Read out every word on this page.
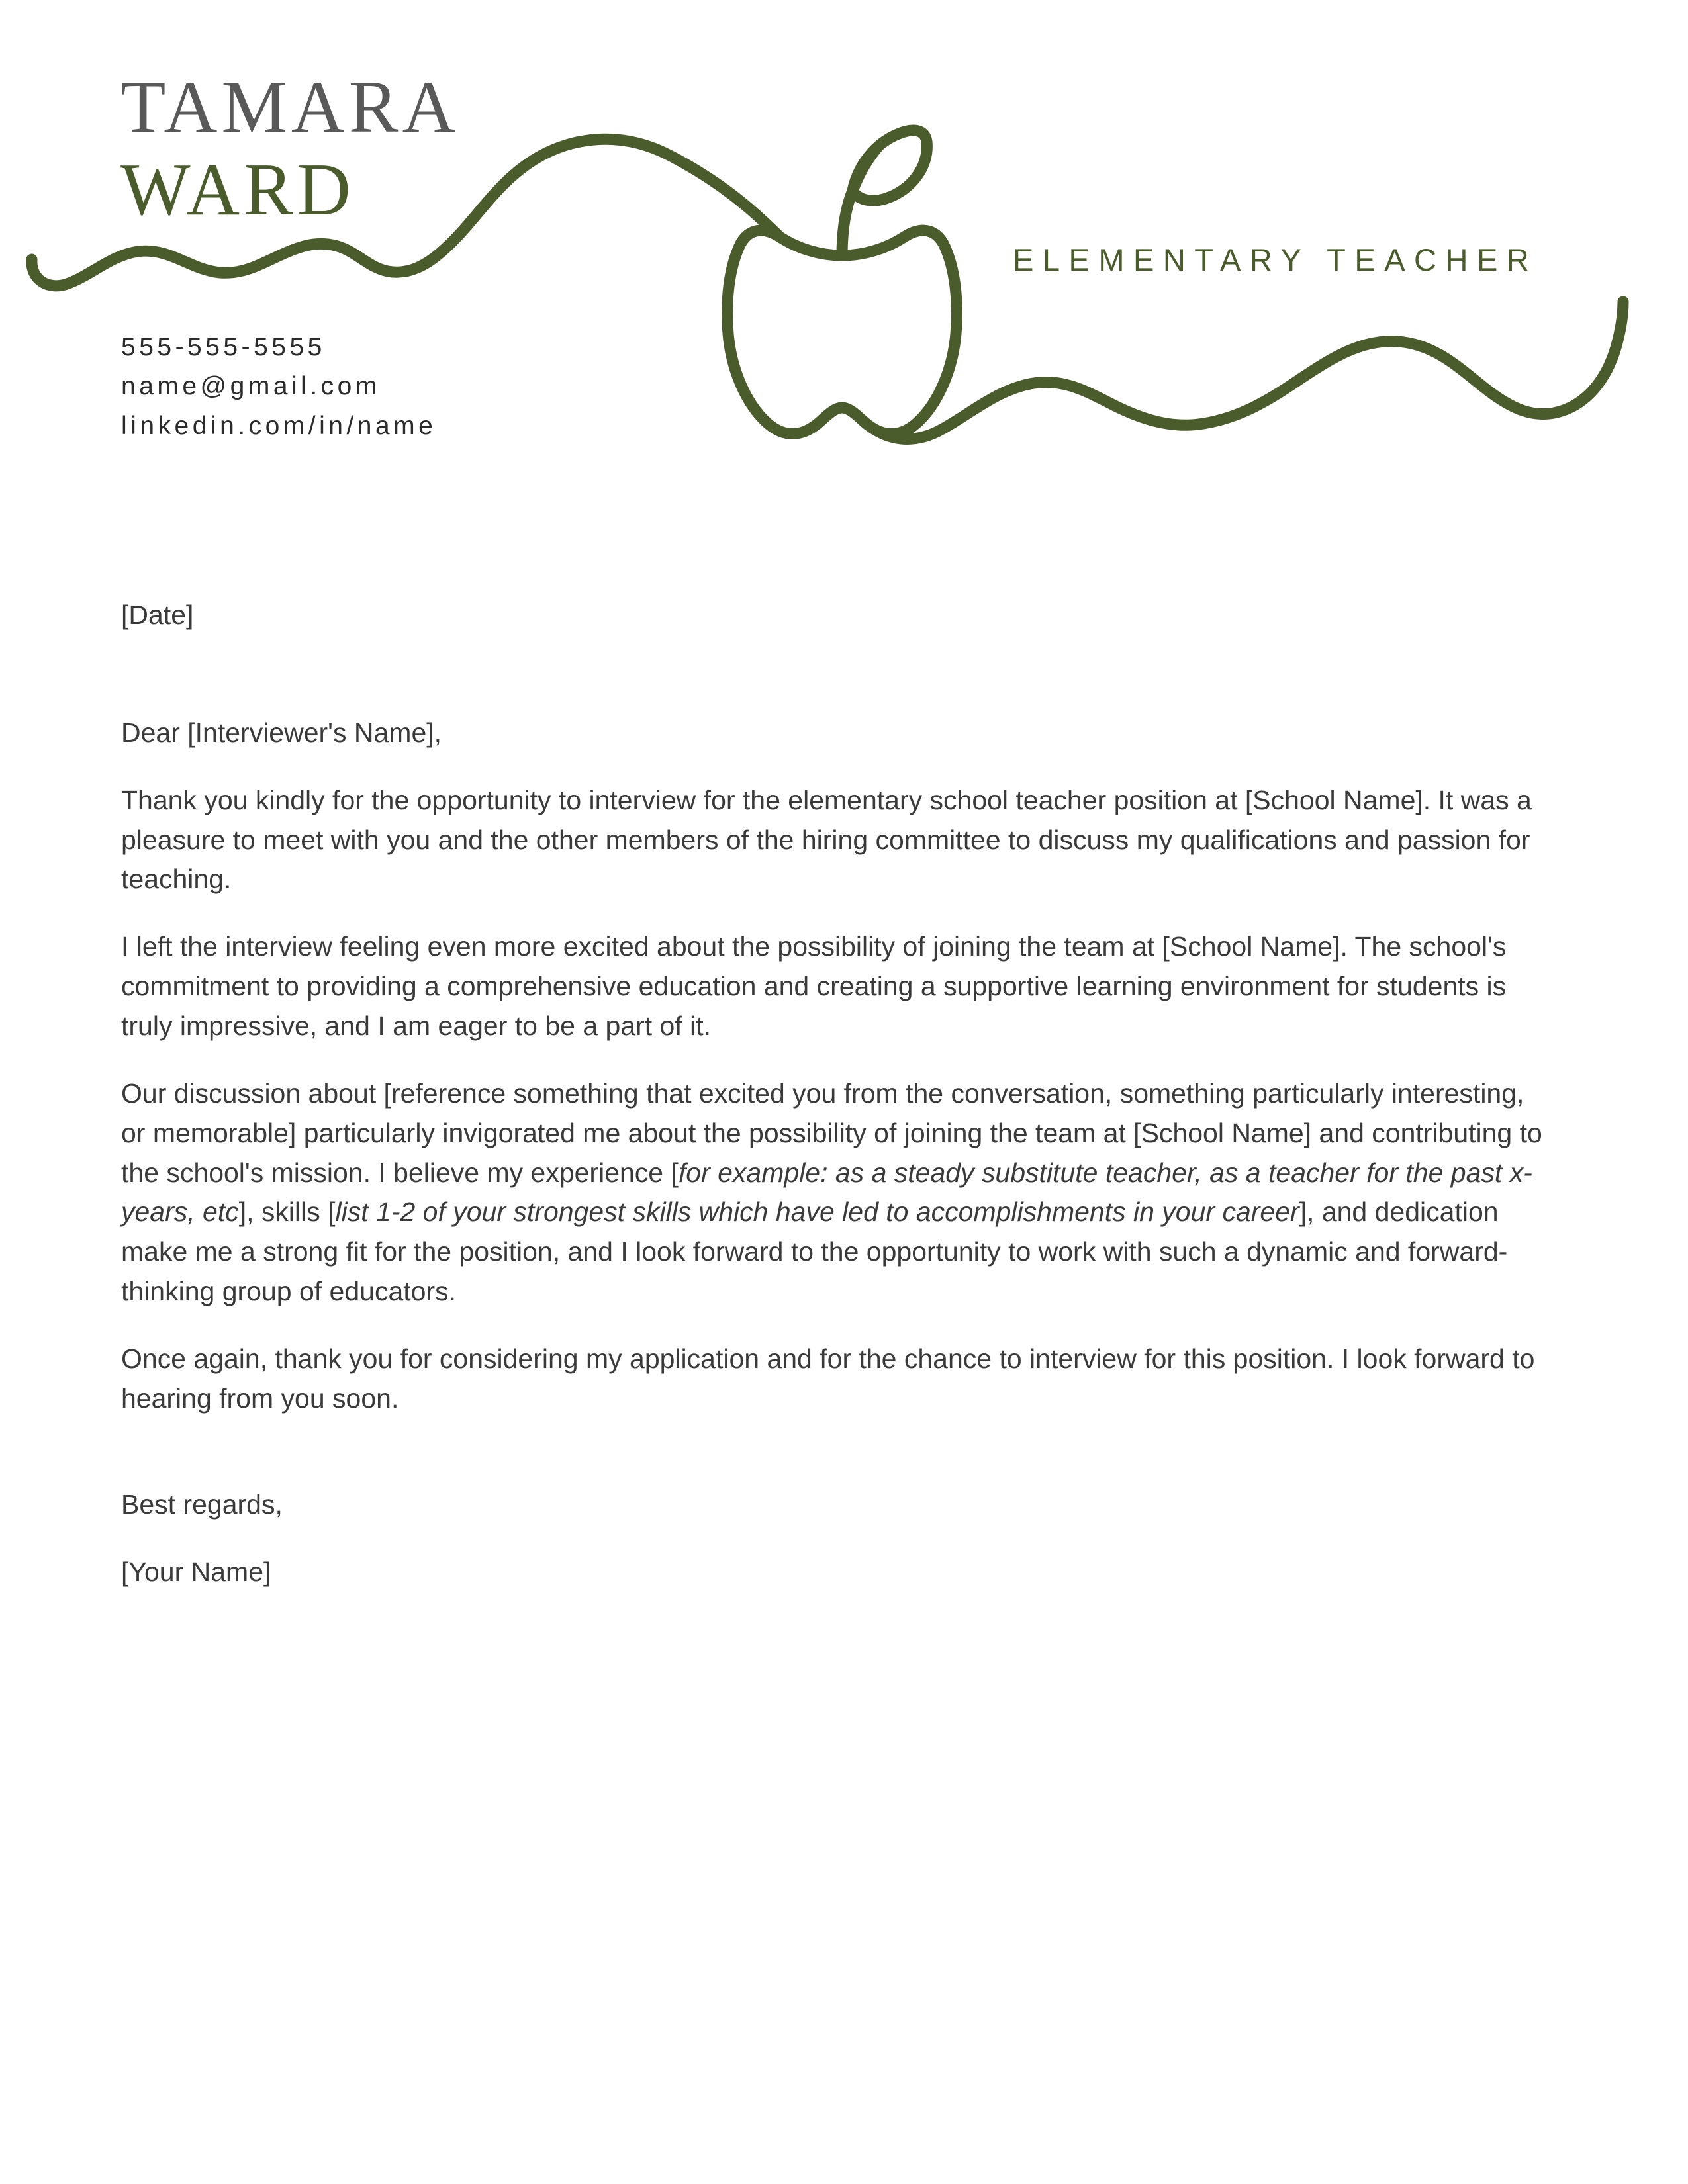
TAMARA
WARD
ELEMENTARY TEACHER
555-555-5555
name@gmail.com
linkedin.com/in/name

[Date]

Dear [Interviewer's Name],

Thank you kindly for the opportunity to interview for the elementary school teacher position at [School Name]. It was a pleasure to meet with you and the other members of the hiring committee to discuss my qualifications and passion for teaching.

I left the interview feeling even more excited about the possibility of joining the team at [School Name]. The school's commitment to providing a comprehensive education and creating a supportive learning environment for students is truly impressive, and I am eager to be a part of it.

Our discussion about [reference something that excited you from the conversation, something particularly interesting, or memorable] particularly invigorated me about the possibility of joining the team at [School Name] and contributing to the school's mission. I believe my experience [for example: as a steady substitute teacher, as a teacher for the past x-years, etc], skills [list 1-2 of your strongest skills which have led to accomplishments in your career], and dedication make me a strong fit for the position, and I look forward to the opportunity to work with such a dynamic and forward-thinking group of educators.

Once again, thank you for considering my application and for the chance to interview for this position. I look forward to hearing from you soon.

Best regards,

[Your Name]
